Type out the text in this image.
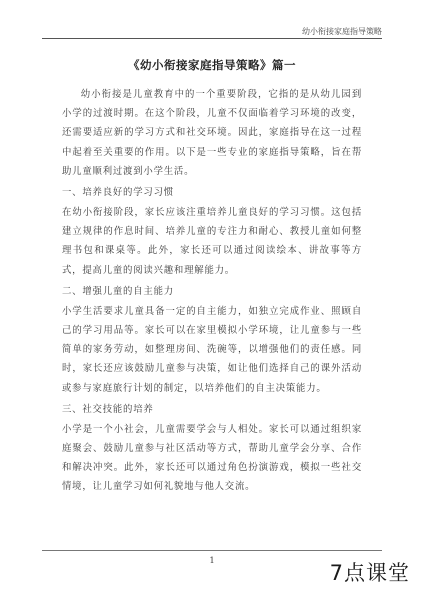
幼小衔接家庭指导策略
《幼小衔接家庭指导策略》篇一

幼小衔接是儿童教育中的一个重要阶段，它指的是从幼儿园到小学的过渡时期。在这个阶段，儿童不仅面临着学习环境的改变，还需要适应新的学习方式和社交环境。因此，家庭指导在这一过程中起着至关重要的作用。以下是一些专业的家庭指导策略，旨在帮助儿童顺利过渡到小学生活。

一、培养良好的学习习惯

在幼小衔接阶段，家长应该注重培养儿童良好的学习习惯。这包括建立规律的作息时间、培养儿童的专注力和耐心、教授儿童如何整理书包和课桌等。此外，家长还可以通过阅读绘本、讲故事等方式，提高儿童的阅读兴趣和理解能力。

二、增强儿童的自主能力

小学生活要求儿童具备一定的自主能力，如独立完成作业、照顾自己的学习用品等。家长可以在家里模拟小学环境，让儿童参与一些简单的家务劳动，如整理房间、洗碗等，以增强他们的责任感。同时，家长还应该鼓励儿童参与决策，如让他们选择自己的课外活动或参与家庭旅行计划的制定，以培养他们的自主决策能力。

三、社交技能的培养

小学是一个小社会，儿童需要学会与人相处。家长可以通过组织家庭聚会、鼓励儿童参与社区活动等方式，帮助儿童学会分享、合作和解决冲突。此外，家长还可以通过角色扮演游戏，模拟一些社交情境，让儿童学习如何礼貌地与他人交流。

1
7点课堂
